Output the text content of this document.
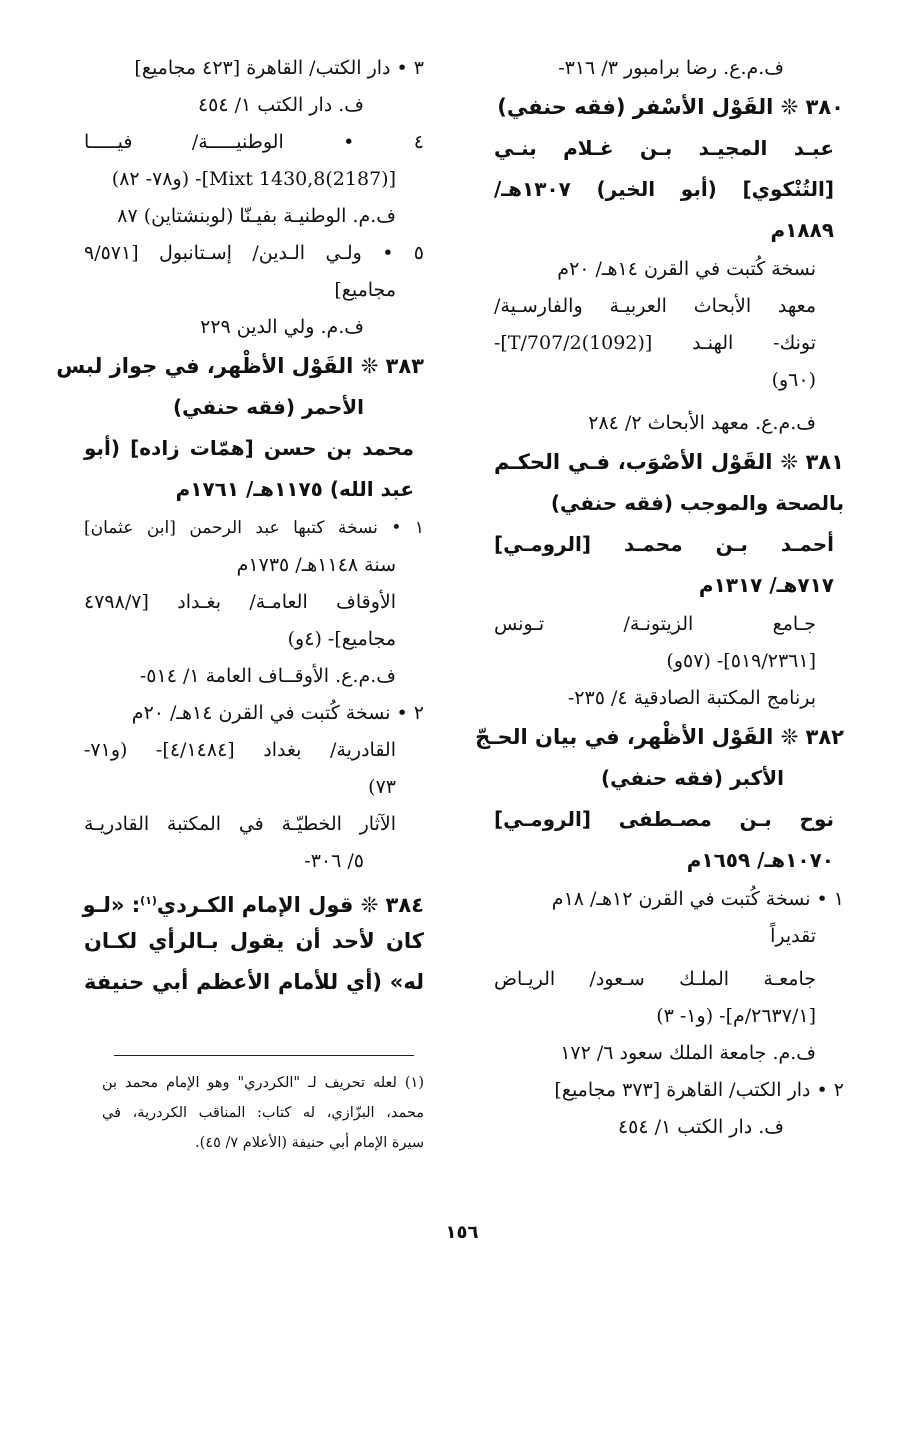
ف.م.ع. رضا برامبور ٣/ ٣١٦-
٣٨٠ ❊ القَوْل الأسْفر (فقه حنفي)
عبـد المجيـد بـن غـلام بنـي
[التُنْكوي] (أبو الخير) ١٣٠٧هـ/
١٨٨٩م
نسخة كُتبت في القرن ١٤هـ/ ٢٠م
معهد الأبحاث العربيـة والفارسـية/
تونك- الهنـد [T/707/2(1092)]-
(٦٠و)
ف.م.ع. معهد الأبحاث ٢/ ٢٨٤
٣٨١ ❊ القَوْل الأصْوَب، فـي الحكـم
بالصحة والموجب (فقه حنفي)
أحمـد بـن محمـد [الرومـي]
٧١٧هـ/ ١٣١٧م
جـامع الزيتونـة/ تـونس
[٥١٩/٢٣٦١]- (٥٧و)
برنامج المكتبة الصادقية ٤/ ٢٣٥-
٣٨٢ ❊ القَوْل الأظْهر، في بيان الحـجّ
الأكبر (فقه حنفي)
نوح بـن مصـطفى [الرومـي]
١٠٧٠هـ/ ١٦٥٩م
١ • نسخة كُتبت في القرن ١٢هـ/ ١٨م
تقديراً
جامعـة الملـك سـعود/ الريـاض
[٢٦٣٧/١/م]- (و١- ٣)
ف.م. جامعة الملك سعود ٦/ ١٧٢
٢ • دار الكتب/ القاهرة [٣٧٣ مجاميع]
ف. دار الكتب ١/ ٤٥٤
٣ • دار الكتب/ القاهرة [٤٢٣ مجاميع]
ف. دار الكتب ١/ ٤٥٤
٤ • الوطنيـــــة/ فيـــــا
[Mixt 1430,8(2187)]- (و٧٨- ٨٢)
ف.م. الوطنيـة بفيـنّا (لوبنشتاين) ٨٧
٥ • ولـي الـدين/ إسـتانبول [٩/٥٧١
مجاميع]
ف.م. ولي الدين ٢٢٩
٣٨٣ ❊ القَوْل الأظْهر، في جواز لبس
الأحمر (فقه حنفي)
محمد بن حسن [همّات زاده] (أبو
عبد الله) ١١٧٥هـ/ ١٧٦١م
١ • نسخة كتبها عبد الرحمن [ابن عثمان]
سنة ١١٤٨هـ/ ١٧٣٥م
الأوقاف العامـة/ بغـداد [٤٧٩٨/٧
مجاميع]- (٤و)
ف.م.ع. الأوقــاف العامة ١/ ٥١٤-
٢ • نسخة كُتبت في القرن ١٤هـ/ ٢٠م
القادرية/ بغداد [٤/١٤٨٤]- (و٧١-
٧٣)
الآثار الخطيّـة في المكتبة القادريـة
٥/ ٣٠٦-
٣٨٤ ❊ قول الإمام الكـردي$^{(١)}$: «لـو
كان لأحد أن يقول بـالرأي لكـان
له» (أي للأمام الأعظم أبي حنيفة
(١) لعله تحريف لـ "الكردري" وهو الإمام محمد بن
محمد، البزّازي، له كتاب: المناقب الكردرية، في
سيرة الإمام أبي حنيفة (الأعلام ٧/ ٤٥).
١٥٦
